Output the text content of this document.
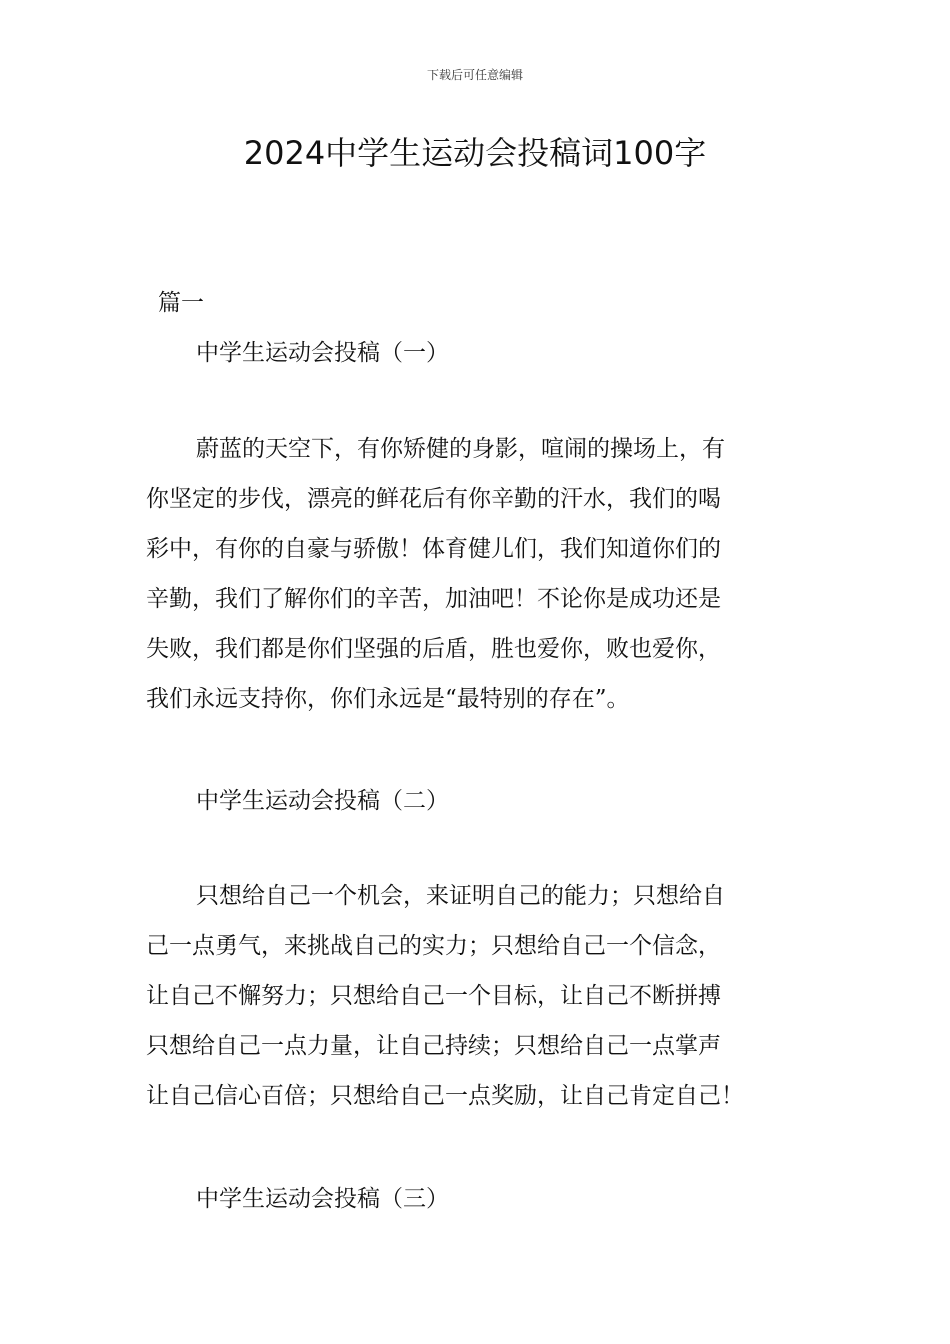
下载后可任意编辑
2024中学生运动会投稿词100字
篇一
中学生运动会投稿（一）
蔚蓝的天空下，有你矫健的身影，喧闹的操场上，有
你坚定的步伐，漂亮的鲜花后有你辛勤的汗水，我们的喝
彩中，有你的自豪与骄傲！体育健儿们，我们知道你们的
辛勤，我们了解你们的辛苦，加油吧！不论你是成功还是
失败，我们都是你们坚强的后盾，胜也爱你，败也爱你，
我们永远支持你，你们永远是“最特别的存在”。
中学生运动会投稿（二）
只想给自己一个机会，来证明自己的能力；只想给自
己一点勇气，来挑战自己的实力；只想给自己一个信念，
让自己不懈努力；只想给自己一个目标，让自己不断拼搏
只想给自己一点力量，让自己持续；只想给自己一点掌声
让自己信心百倍；只想给自己一点奖励，让自己肯定自己！
中学生运动会投稿（三）
